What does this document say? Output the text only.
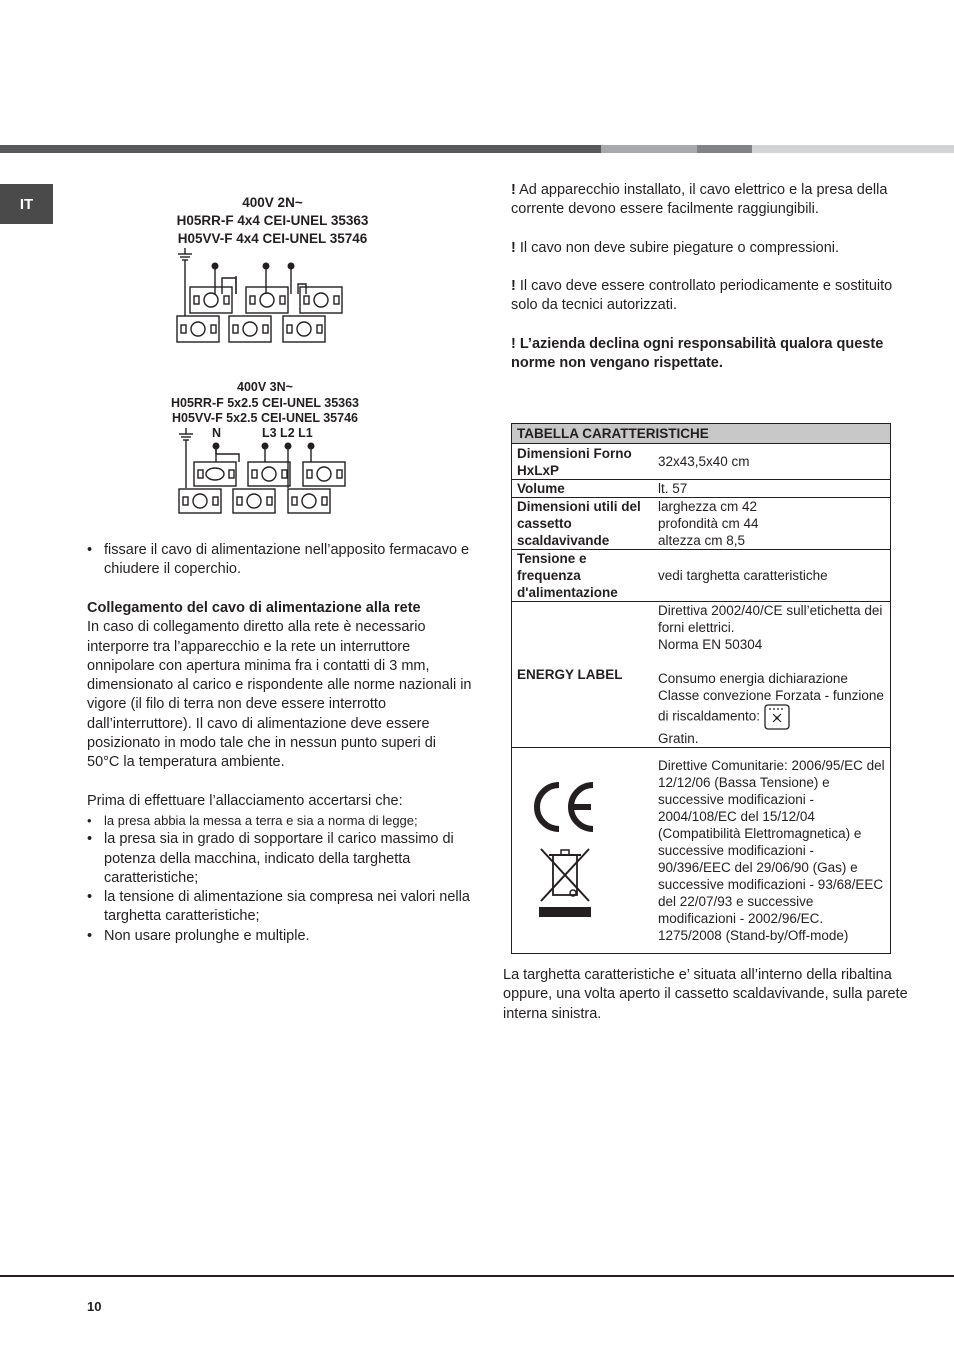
IT	400V 2N~
H05RR-F 4x4 CEI-UNEL 35363
H05VV-F 4x4 CEI-UNEL 35746
400V 3N~
H05RR-F 5x2.5 CEI-UNEL 35363
H05VV-F 5x2.5 CEI-UNEL 35746
N	L3 L2 L1

• fissare il cavo di alimentazione nell’apposito fermacavo e chiudere il coperchio.

Collegamento del cavo di alimentazione alla rete

In caso di collegamento diretto alla rete è necessario interporre tra l’apparecchio e la rete un interruttore onnipolare con apertura minima fra i contatti di 3 mm, dimensionato al carico e rispondente alle norme nazionali in vigore (il filo di terra non deve essere interrotto dall’interruttore). Il cavo di alimentazione deve essere posizionato in modo tale che in nessun punto superi di 50°C la temperatura ambiente.

Prima di effettuare l’allacciamento accertarsi che:

• la presa abbia la messa a terra e sia a norma di legge;

• la presa sia in grado di sopportare il carico massimo di potenza della macchina, indicato della targhetta caratteristiche;

• la tensione di alimentazione sia compresa nei valori nella targhetta caratteristiche;

• Non usare prolunghe e multiple.

! Ad apparecchio installato, il cavo elettrico e la presa della corrente devono essere facilmente raggiungibili.

! Il cavo non deve subire piegature o compressioni.

! Il cavo deve essere controllato periodicamente e sostituito solo da tecnici autorizzati.

! L’azienda declina ogni responsabilità qualora queste norme non vengano rispettate.

TABELLA CARATTERISTICHE	
Dimensioni Forno HxLxP	32x43,5x40 cm
Volume	lt. 57
Dimensioni utili del cassetto scaldavivande	larghezza cm 42
profondità cm 44
altezza cm 8,5
Tensione e frequenza d'alimentazione	vedi targhetta caratteristiche
ENERGY LABEL	Direttiva 2002/40/CE sull’etichetta dei forni elettrici.
Norma EN 50304
Consumo energia dichiarazione Classe convezione Forzata - funzione di riscaldamento:
Gratin.

	Direttive Comunitarie: 2006/95/EC del 12/12/06 (Bassa Tensione) e successive modificazioni - 2004/108/EC del 15/12/04 (Compatibilità Elettromagnetica) e successive modificazioni - 90/396/EEC del 29/06/90 (Gas) e successive modificazioni - 93/68/EEC del 22/07/93 e successive modificazioni - 2002/96/EC.
1275/2008 (Stand-by/Off-mode)

La targhetta caratteristiche e’ situata all’interno della ribaltina oppure, una volta aperto il cassetto scaldavivande, sulla parete interna sinistra.

10
